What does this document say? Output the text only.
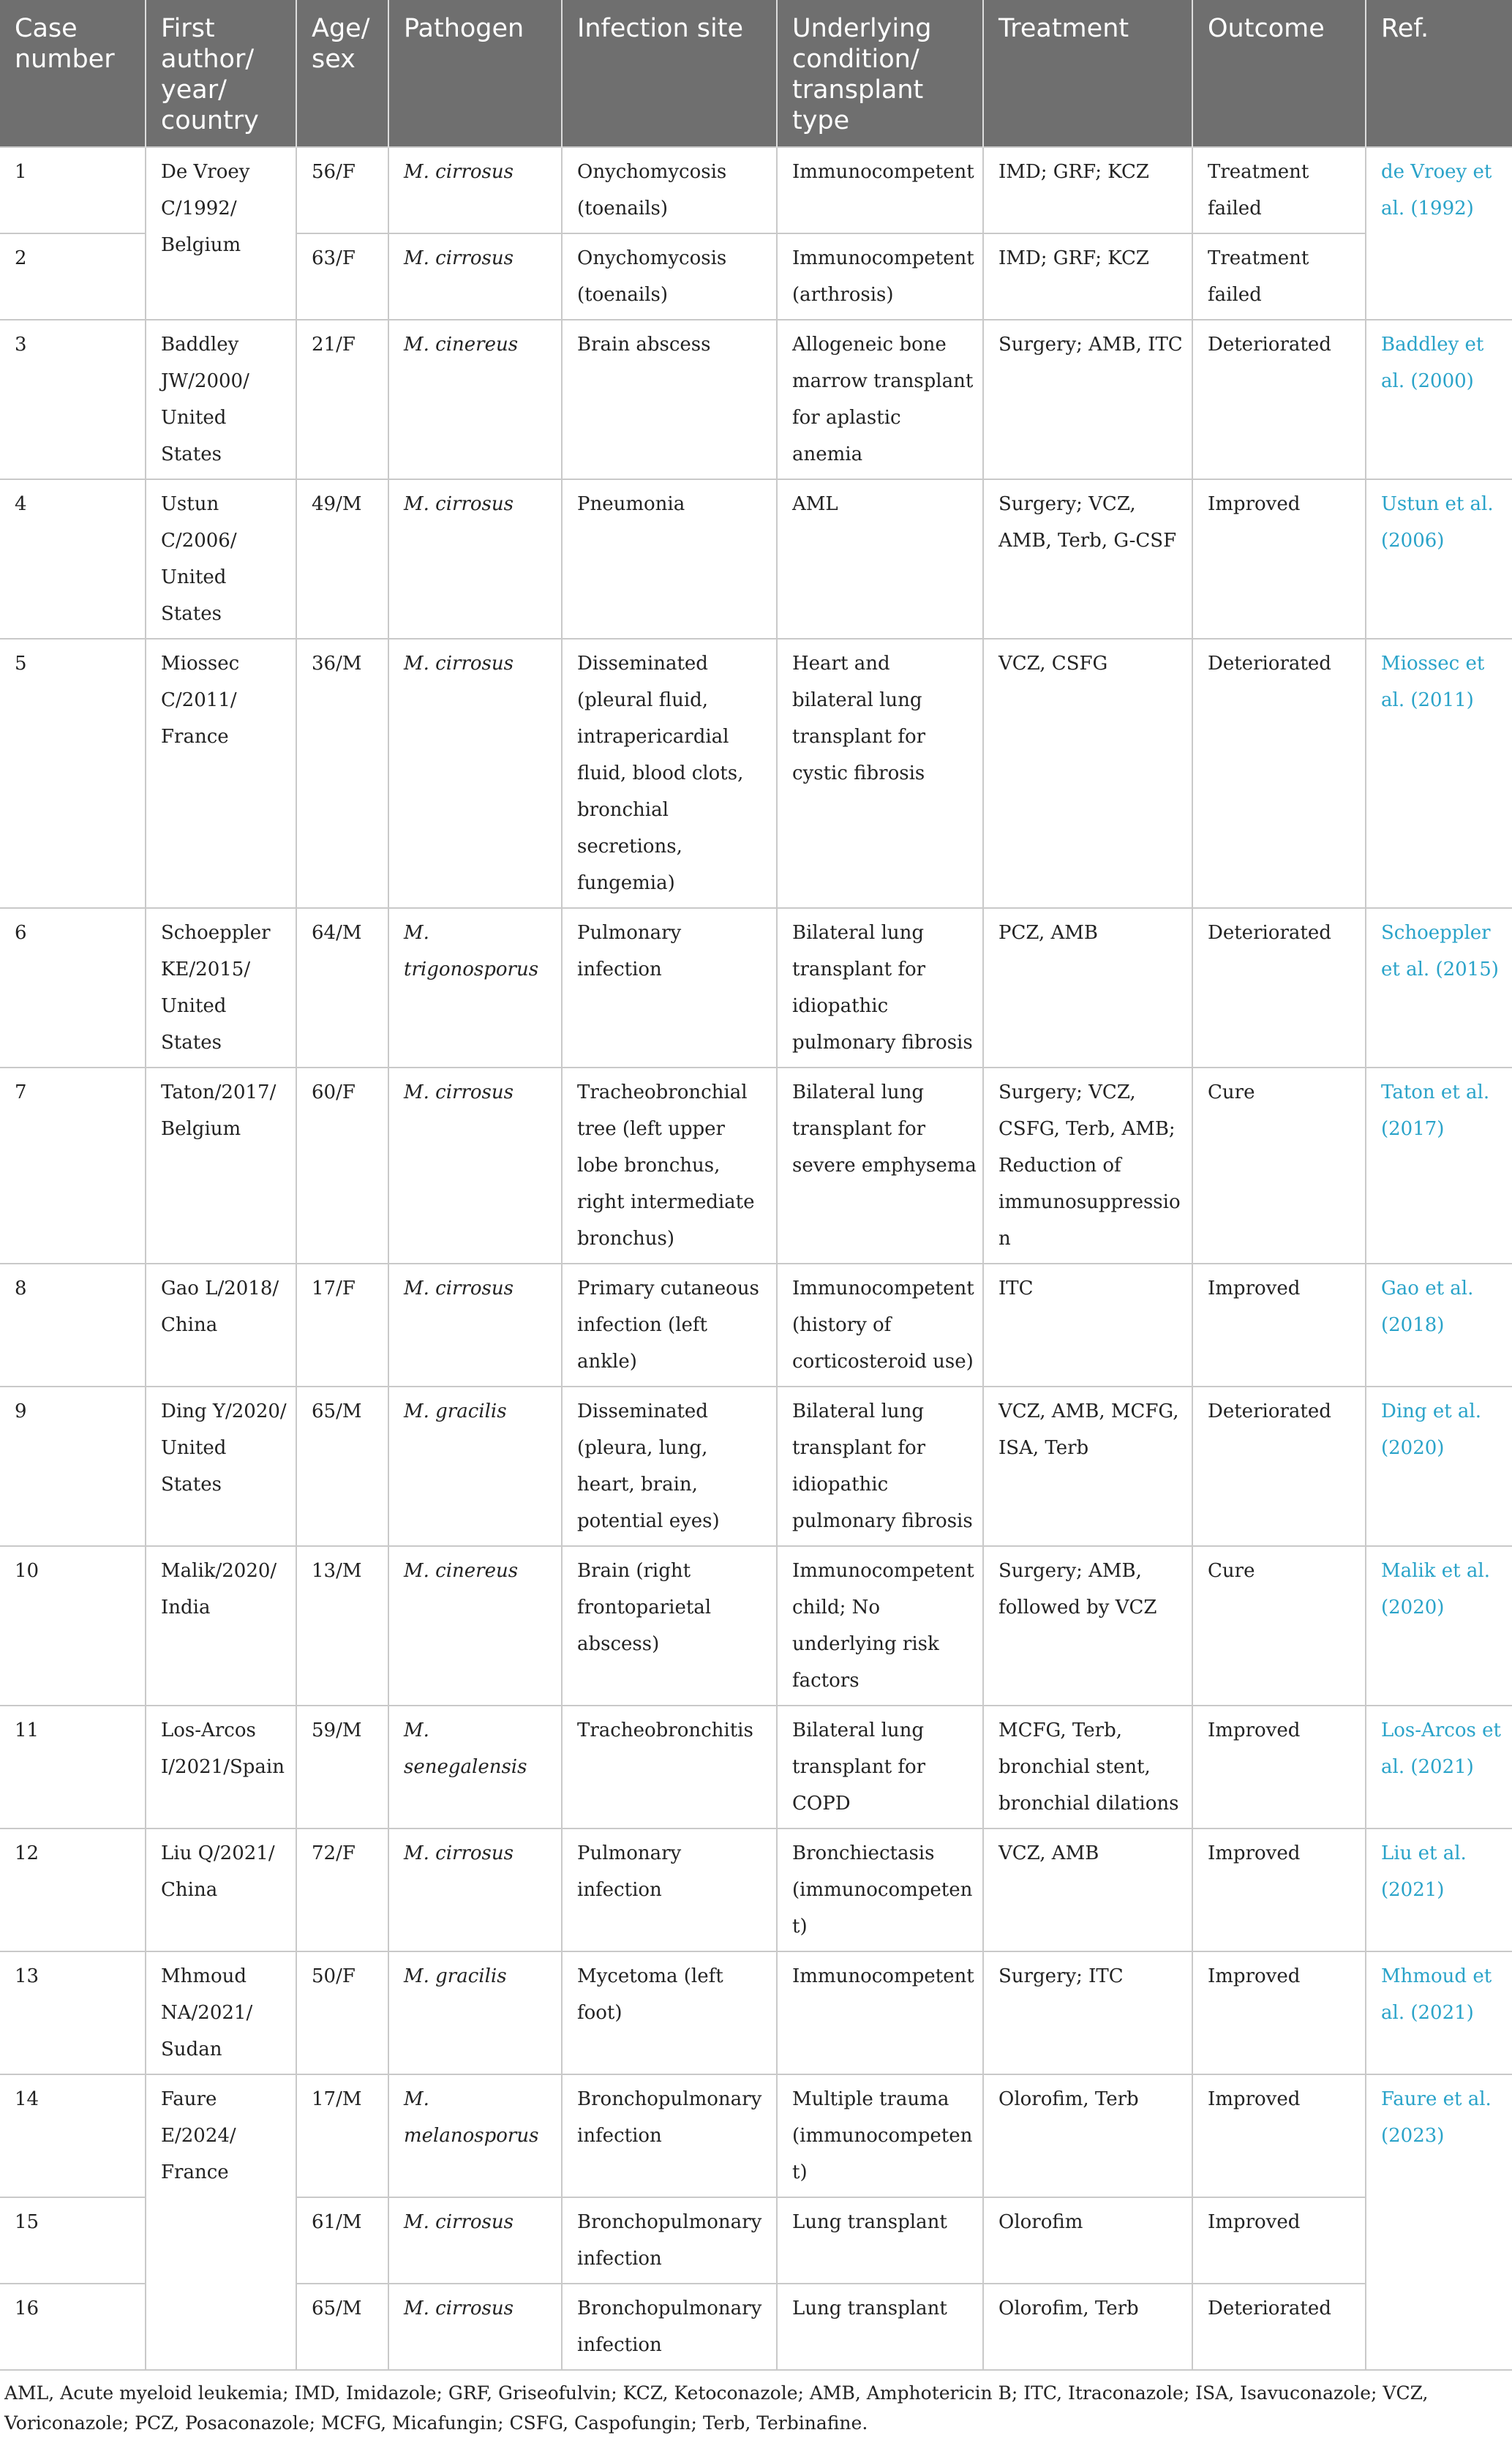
Case number	First author/ year/ country	Age/ sex	Pathogen	Infection site	Underlying condition/ transplant type	Treatment	Outcome	Ref.
1	De Vroey C/1992/ Belgium	56/F	M. cirrosus	Onychomycosis (toenails)	Immunocompetent	IMD; GRF; KCZ	Treatment failed	de Vroey et al. (1992)
2		63/F	M. cirrosus	Onychomycosis (toenails)	Immunocompetent (arthrosis)	IMD; GRF; KCZ	Treatment failed	
3	Baddley JW/2000/ United States	21/F	M. cinereus	Brain abscess	Allogeneic bone marrow transplant for aplastic anemia	Surgery; AMB, ITC	Deteriorated	Baddley et al. (2000)
4	Ustun C/2006/ United States	49/M	M. cirrosus	Pneumonia	AML	Surgery; VCZ, AMB, Terb, G-CSF	Improved	Ustun et al. (2006)
5	Miossec C/2011/ France	36/M	M. cirrosus	Disseminated (pleural fluid, intrapericardial fluid, blood clots, bronchial secretions, fungemia)	Heart and bilateral lung transplant for cystic fibrosis	VCZ, CSFG	Deteriorated	Miossec et al. (2011)
6	Schoeppler KE/2015/ United States	64/M	M. trigonosporus	Pulmonary infection	Bilateral lung transplant for idiopathic pulmonary fibrosis	PCZ, AMB	Deteriorated	Schoeppler et al. (2015)
7	Taton/2017/ Belgium	60/F	M. cirrosus	Tracheobronchial tree (left upper lobe bronchus, right intermediate bronchus)	Bilateral lung transplant for severe emphysema	Surgery; VCZ, CSFG, Terb, AMB; Reduction of immunosuppression	Cure	Taton et al. (2017)
8	Gao L/2018/ China	17/F	M. cirrosus	Primary cutaneous infection (left ankle)	Immunocompetent (history of corticosteroid use)	ITC	Improved	Gao et al. (2018)
9	Ding Y/2020/ United States	65/M	M. gracilis	Disseminated (pleura, lung, heart, brain, potential eyes)	Bilateral lung transplant for idiopathic pulmonary fibrosis	VCZ, AMB, MCFG, ISA, Terb	Deteriorated	Ding et al. (2020)
10	Malik/2020/ India	13/M	M. cinereus	Brain (right frontoparietal abscess)	Immunocompetent child; No underlying risk factors	Surgery; AMB, followed by VCZ	Cure	Malik et al. (2020)
11	Los-Arcos I/2021/Spain	59/M	M. senegalensis	Tracheobronchitis	Bilateral lung transplant for COPD	MCFG, Terb, bronchial stent, bronchial dilations	Improved	Los-Arcos et al. (2021)
12	Liu Q/2021/ China	72/F	M. cirrosus	Pulmonary infection	Bronchiectasis (immunocompetent)	VCZ, AMB	Improved	Liu et al. (2021)
13	Mhmoud NA/2021/ Sudan	50/F	M. gracilis	Mycetoma (left foot)	Immunocompetent	Surgery; ITC	Improved	Mhmoud et al. (2021)
14	Faure E/2024/ France	17/M	M. melanosporus	Bronchopulmonary infection	Multiple trauma (immunocompetent)	Olorofim, Terb	Improved	Faure et al. (2023)
15		61/M	M. cirrosus	Bronchopulmonary infection	Lung transplant	Olorofim	Improved	
16		65/M	M. cirrosus	Bronchopulmonary infection	Lung transplant	Olorofim, Terb	Deteriorated	
AML, Acute myeloid leukemia; IMD, Imidazole; GRF, Griseofulvin; KCZ, Ketoconazole; AMB, Amphotericin B; ITC, Itraconazole; ISA, Isavuconazole; VCZ, Voriconazole; PCZ, Posaconazole; MCFG, Micafungin; CSFG, Caspofungin; Terb, Terbinafine.
